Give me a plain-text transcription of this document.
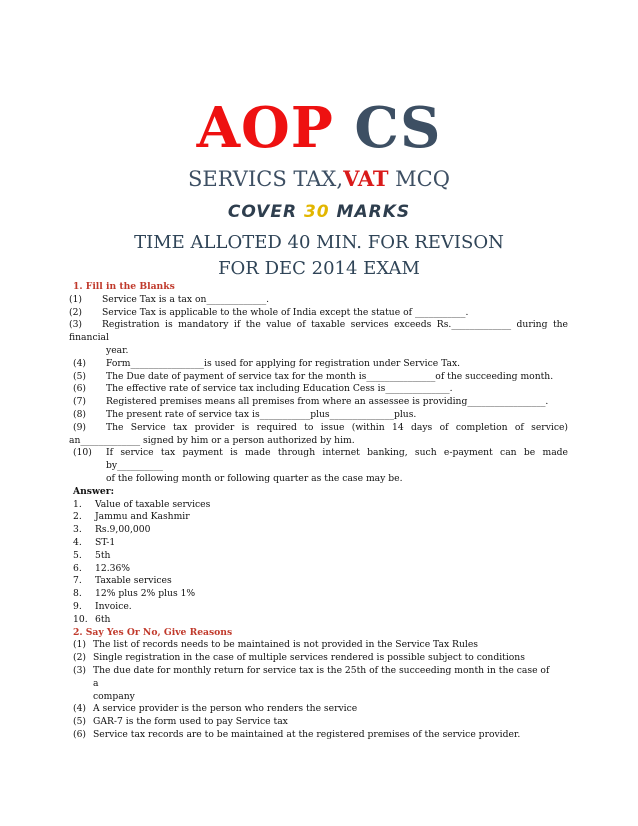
AOP CS
SERVICS TAX,VAT MCQ
COVER 30 MARKS
TIME ALLOTED 40 MIN. FOR REVISON
FOR DEC 2014 EXAM
1. Fill in the Blanks
(1)	Service Tax is a tax on_____________.
(2)	Service Tax is applicable to the whole of India except the statue of ___________.
(3)	Registration is mandatory if the value of taxable services exceeds Rs._____________ during the
financial
year.
(4)	Form________________is used for applying for registration under Service Tax.
(5)	The Due date of payment of service tax for the month is_______________of the succeeding month.
(6)	The effective rate of service tax including Education Cess is______________.
(7)	Registered premises means all premises from where an assessee is providing_________________.
(8)	The present rate of service tax is___________plus______________plus.
(9)	The Service tax provider is required to issue (within 14 days of completion of service)
an_____________ signed by him or a person authorized by him.
(10)	If service tax payment is made through internet banking, such e-payment can be made
by__________
of the following month or following quarter as the case may be.
Answer:
1.	Value of taxable services
2.	Jammu and Kashmir
3.	Rs.9,00,000
4.	ST-1
5.	5th
6.	12.36%
7.	Taxable services
8.	12% plus 2% plus 1%
9.	Invoice.
10. 6th
2. Say Yes Or No, Give Reasons
(1) The list of records needs to be maintained is not provided in the Service Tax Rules
(2) Single registration in the case of multiple services rendered is possible subject to conditions
(3) The due date for monthly return for service tax is the 25th of the succeeding month in the case of
a
company
(4) A service provider is the person who renders the service
(5) GAR-7 is the form used to pay Service tax
(6) Service tax records are to be maintained at the registered premises of the service provider.
